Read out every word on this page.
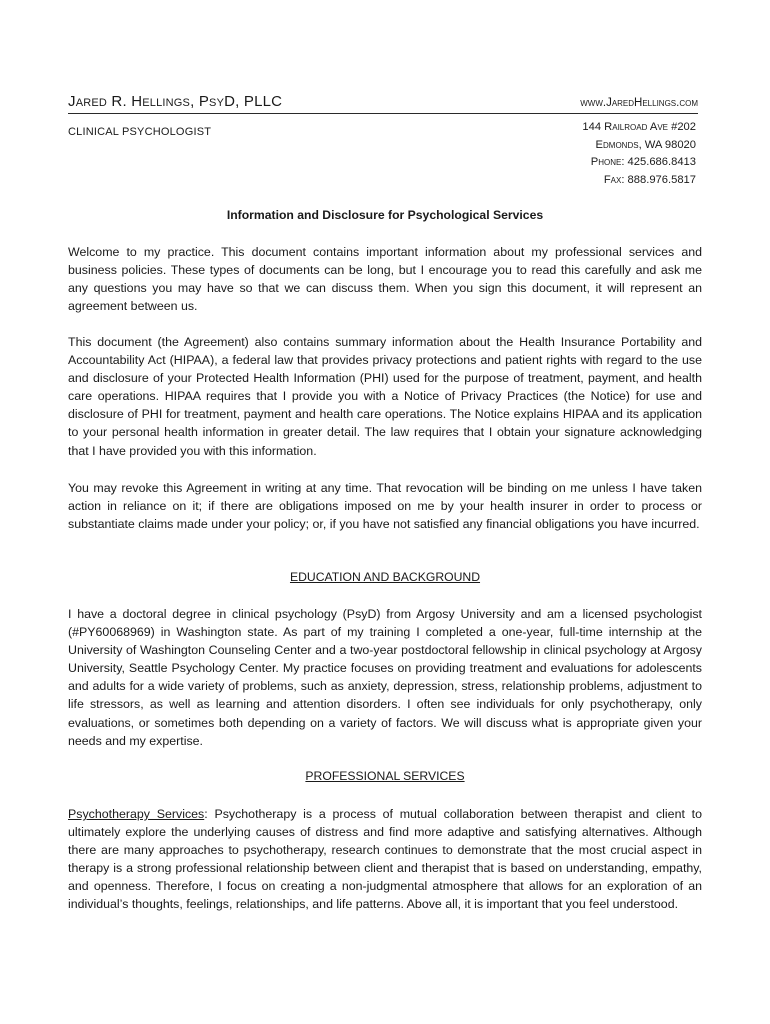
Jared R. Hellings, PsyD, PLLC	www.JaredHellings.com
CLINICAL PSYCHOLOGIST	144 Railroad Ave #202
Edmonds, WA 98020
Phone: 425.686.8413
Fax: 888.976.5817
Information and Disclosure for Psychological Services

Welcome to my practice. This document contains important information about my professional services and business policies. These types of documents can be long, but I encourage you to read this carefully and ask me any questions you may have so that we can discuss them. When you sign this document, it will represent an agreement between us.

This document (the Agreement) also contains summary information about the Health Insurance Portability and Accountability Act (HIPAA), a federal law that provides privacy protections and patient rights with regard to the use and disclosure of your Protected Health Information (PHI) used for the purpose of treatment, payment, and health care operations. HIPAA requires that I provide you with a Notice of Privacy Practices (the Notice) for use and disclosure of PHI for treatment, payment and health care operations. The Notice explains HIPAA and its application to your personal health information in greater detail. The law requires that I obtain your signature acknowledging that I have provided you with this information.

You may revoke this Agreement in writing at any time. That revocation will be binding on me unless I have taken action in reliance on it; if there are obligations imposed on me by your health insurer in order to process or substantiate claims made under your policy; or, if you have not satisfied any financial obligations you have incurred.

EDUCATION AND BACKGROUND

I have a doctoral degree in clinical psychology (PsyD) from Argosy University and am a licensed psychologist (#PY60068969) in Washington state. As part of my training I completed a one-year, full-time internship at the University of Washington Counseling Center and a two-year postdoctoral fellowship in clinical psychology at Argosy University, Seattle Psychology Center. My practice focuses on providing treatment and evaluations for adolescents and adults for a wide variety of problems, such as anxiety, depression, stress, relationship problems, adjustment to life stressors, as well as learning and attention disorders. I often see individuals for only psychotherapy, only evaluations, or sometimes both depending on a variety of factors. We will discuss what is appropriate given your needs and my expertise.

PROFESSIONAL SERVICES

Psychotherapy Services: Psychotherapy is a process of mutual collaboration between therapist and client to ultimately explore the underlying causes of distress and find more adaptive and satisfying alternatives. Although there are many approaches to psychotherapy, research continues to demonstrate that the most crucial aspect in therapy is a strong professional relationship between client and therapist that is based on understanding, empathy, and openness. Therefore, I focus on creating a non-judgmental atmosphere that allows for an exploration of an individual’s thoughts, feelings, relationships, and life patterns. Above all, it is important that you feel understood.
